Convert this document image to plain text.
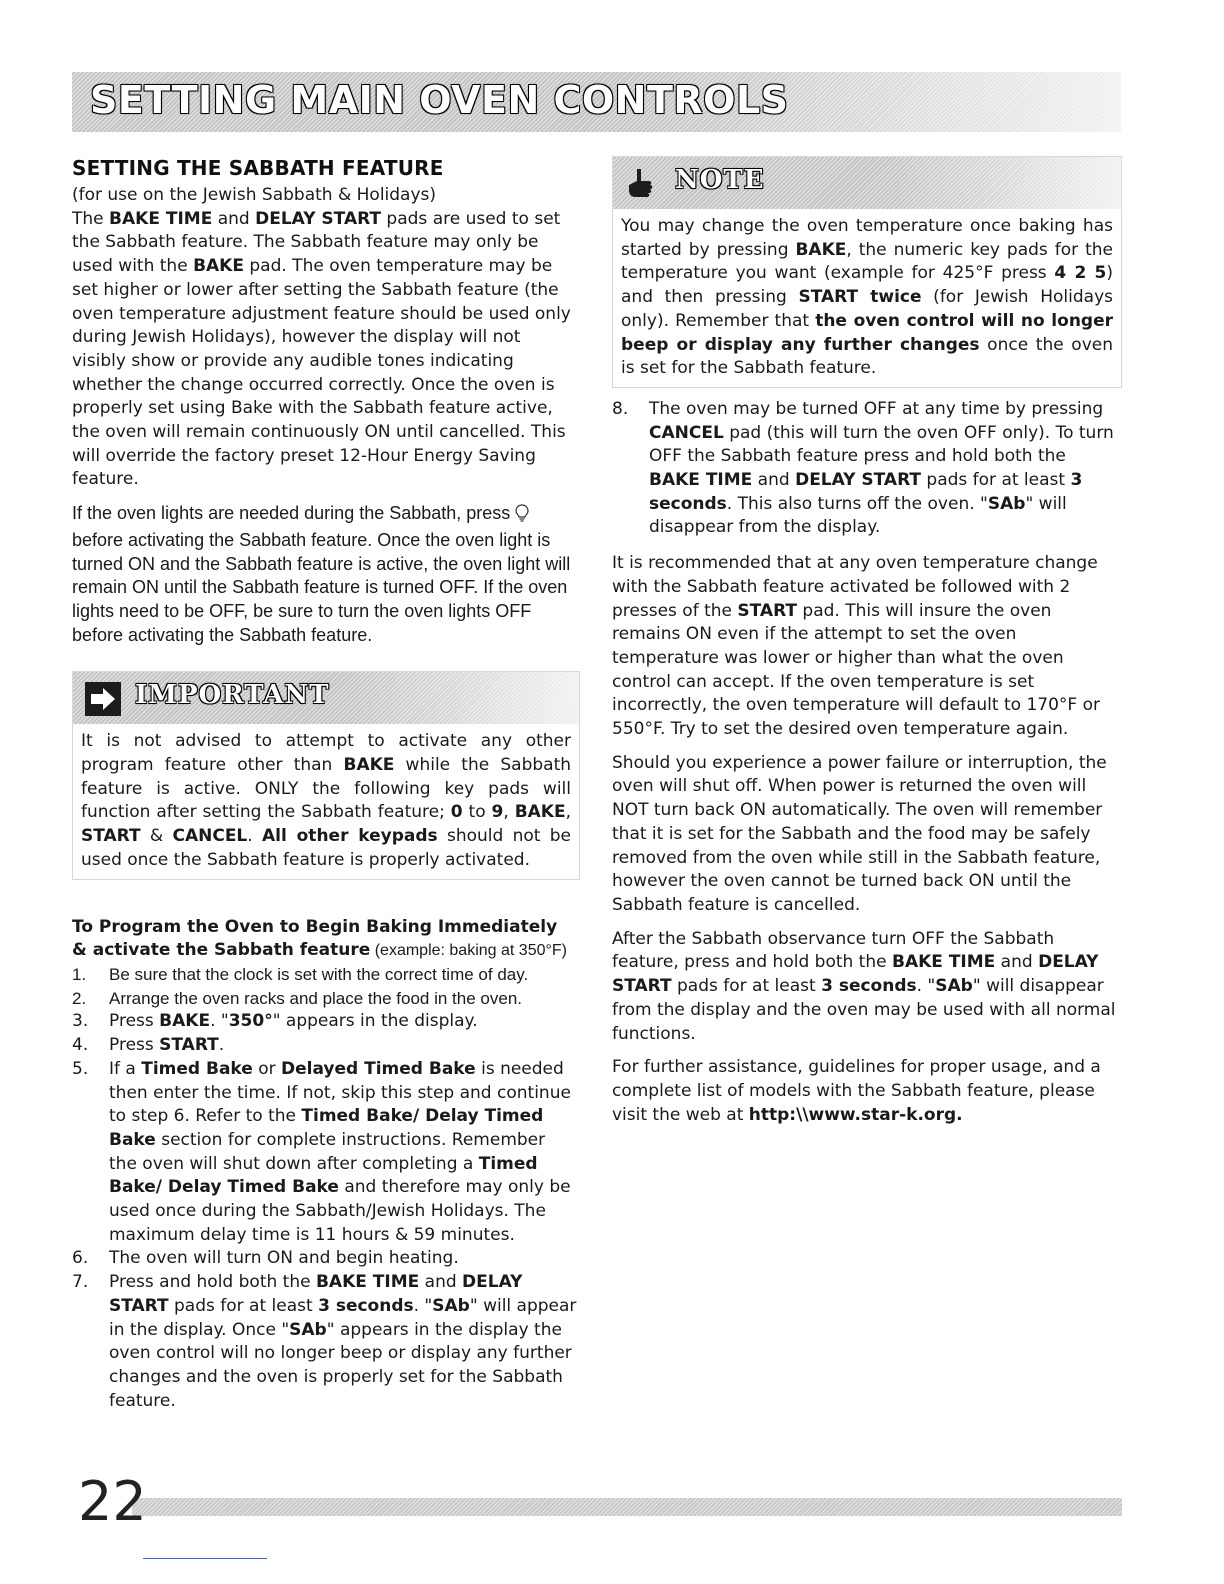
SETTING MAIN OVEN CONTROLS
SETTING THE SABBATH FEATURE

(for use on the Jewish Sabbath & Holidays)

The BAKE TIME and DELAY START pads are used to set the Sabbath feature. The Sabbath feature may only be used with the BAKE pad. The oven temperature may be set higher or lower after setting the Sabbath feature (the oven temperature adjustment feature should be used only during Jewish Holidays), however the display will not visibly show or provide any audible tones indicating whether the change occurred correctly. Once the oven is properly set using Bake with the Sabbath feature active, the oven will remain continuously ON until cancelled. This will override the factory preset 12-Hour Energy Saving feature.

If the oven lights are needed during the Sabbath, press  before activating the Sabbath feature. Once the oven light is turned ON and the Sabbath feature is active, the oven light will remain ON until the Sabbath feature is turned OFF. If the oven lights need to be OFF, be sure to turn the oven lights OFF before activating the Sabbath feature.

IMPORTANT

It is not advised to attempt to activate any other program feature other than BAKE while the Sabbath feature is active. ONLY the following key pads will function after setting the Sabbath feature; 0 to 9, BAKE, START & CANCEL. All other keypads should not be used once the Sabbath feature is properly activated.

To Program the Oven to Begin Baking Immediately
& activate the Sabbath feature (example: baking at 350°F)
1. Be sure that the clock is set with the correct time of day.
2. Arrange the oven racks and place the food in the oven.
3. Press BAKE. "350°" appears in the display.
4. Press START.
5. If a Timed Bake or Delayed Timed Bake is needed then enter the time. If not, skip this step and continue to step 6. Refer to the Timed Bake/ Delay Timed Bake section for complete instructions. Remember the oven will shut down after completing a Timed Bake/ Delay Timed Bake and therefore may only be used once during the Sabbath/Jewish Holidays. The maximum delay time is 11 hours & 59 minutes.
6. The oven will turn ON and begin heating.
7. Press and hold both the BAKE TIME and DELAY START pads for at least 3 seconds. "SAb" will appear in the display. Once "SAb" appears in the display the oven control will no longer beep or display any further changes and the oven is properly set for the Sabbath feature.
NOTE

You may change the oven temperature once baking has started by pressing BAKE, the numeric key pads for the temperature you want (example for 425°F press 4 2 5) and then pressing START twice (for Jewish Holidays only). Remember that the oven control will no longer beep or display any further changes once the oven is set for the Sabbath feature.

8. The oven may be turned OFF at any time by pressing CANCEL pad (this will turn the oven OFF only). To turn OFF the Sabbath feature press and hold both the BAKE TIME and DELAY START pads for at least 3 seconds. This also turns off the oven. "SAb" will disappear from the display.

It is recommended that at any oven temperature change with the Sabbath feature activated be followed with 2 presses of the START pad. This will insure the oven remains ON even if the attempt to set the oven temperature was lower or higher than what the oven control can accept. If the oven temperature is set incorrectly, the oven temperature will default to 170°F or 550°F. Try to set the desired oven temperature again.

Should you experience a power failure or interruption, the oven will shut off. When power is returned the oven will NOT turn back ON automatically. The oven will remember that it is set for the Sabbath and the food may be safely removed from the oven while still in the Sabbath feature, however the oven cannot be turned back ON until the Sabbath feature is cancelled.

After the Sabbath observance turn OFF the Sabbath feature, press and hold both the BAKE TIME and DELAY START pads for at least 3 seconds. "SAb" will disappear from the display and the oven may be used with all normal functions.

For further assistance, guidelines for proper usage, and a complete list of models with the Sabbath feature, please visit the web at http:\\www.star-k.org.

22
